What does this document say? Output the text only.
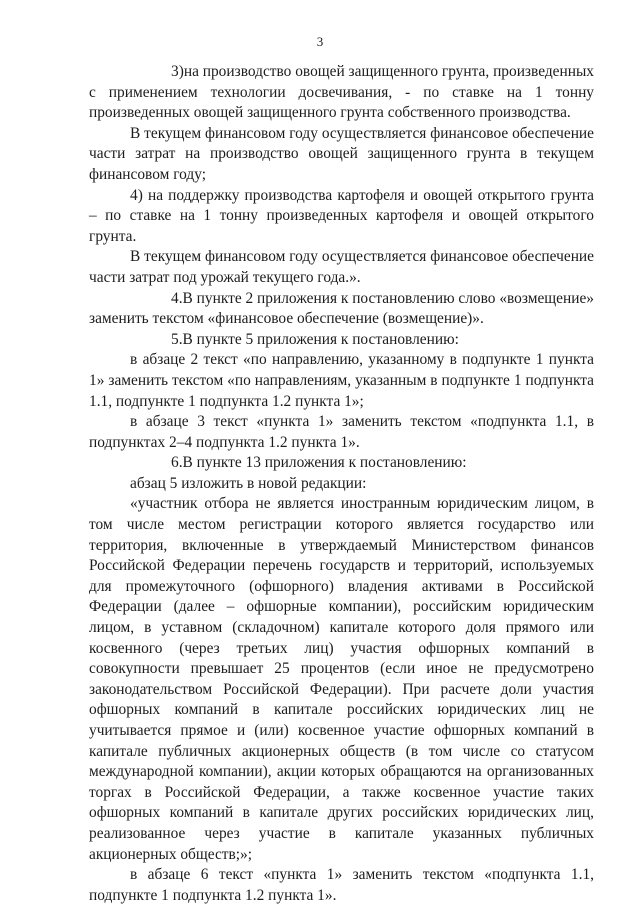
3

3)на производство овощей защищенного грунта, произведенных с применением технологии досвечивания, - по ставке на 1 тонну произведенных овощей защищенного грунта собственного производства.

В текущем финансовом году осуществляется финансовое обеспечение части затрат на производство овощей защищенного грунта в текущем финансовом году;

4) на поддержку производства картофеля и овощей открытого грунта – по ставке на 1 тонну произведенных картофеля и овощей открытого грунта.

В текущем финансовом году осуществляется финансовое обеспечение части затрат под урожай текущего года.».

4.В пункте 2 приложения к постановлению слово «возмещение» заменить текстом «финансовое обеспечение (возмещение)».

5.В пункте 5 приложения к постановлению:

в абзаце 2 текст «по направлению, указанному в подпункте 1 пункта 1» заменить текстом «по направлениям, указанным в подпункте 1 подпункта 1.1, подпункте 1 подпункта 1.2 пункта 1»;

в абзаце 3 текст «пункта 1» заменить текстом «подпункта 1.1, в подпунктах 2–4 подпункта 1.2 пункта 1».

6.В пункте 13 приложения к постановлению:

абзац 5 изложить в новой редакции:

«участник отбора не является иностранным юридическим лицом, в том числе местом регистрации которого является государство или территория, включенные в утверждаемый Министерством финансов Российской Федерации перечень государств и территорий, используемых для промежуточного (офшорного) владения активами в Российской Федерации (далее – офшорные компании), российским юридическим лицом, в уставном (складочном) капитале которого доля прямого или косвенного (через третьих лиц) участия офшорных компаний в совокупности превышает 25 процентов (если иное не предусмотрено законодательством Российской Федерации). При расчете доли участия офшорных компаний в капитале российских юридических лиц не учитывается прямое и (или) косвенное участие офшорных компаний в капитале публичных акционерных обществ (в том числе со статусом международной компании), акции которых обращаются на организованных торгах в Российской Федерации, а также косвенное участие таких офшорных компаний в капитале других российских юридических лиц, реализованное через участие в капитале указанных публичных акционерных обществ;»;

в абзаце 6 текст «пункта 1» заменить текстом «подпункта 1.1, подпункте 1 подпункта 1.2 пункта 1».
